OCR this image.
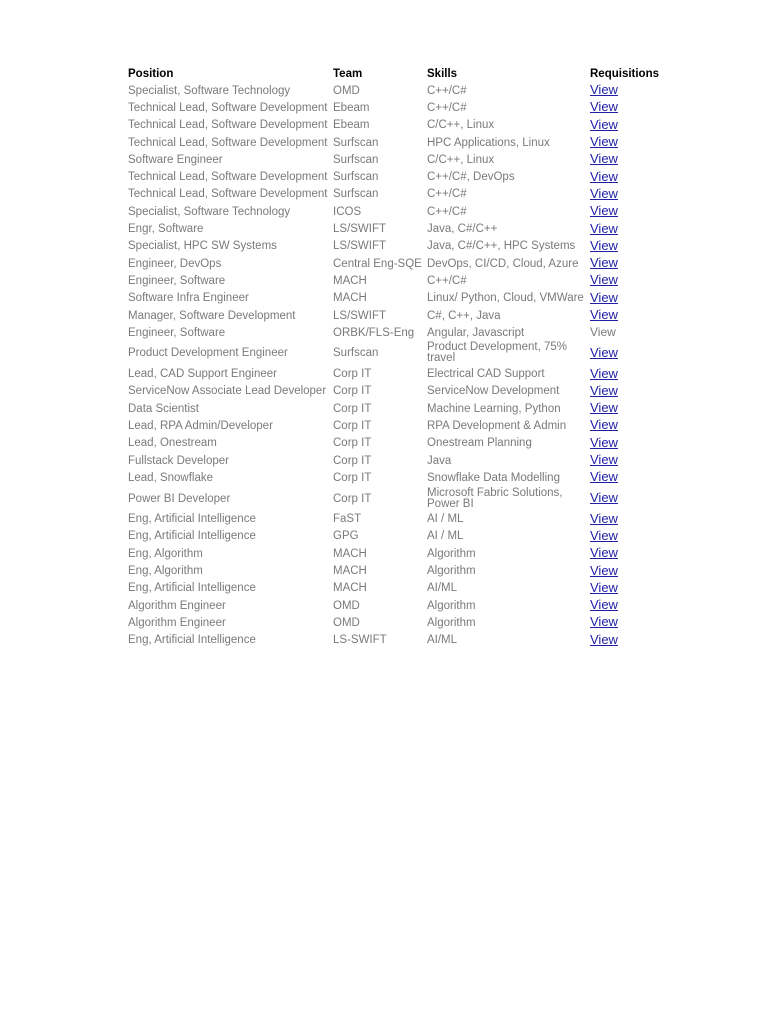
Position	Team	Skills	Requisitions
Specialist, Software Technology	OMD	C++/C#	View
Technical Lead, Software Development	Ebeam	C++/C#	View
Technical Lead, Software Development	Ebeam	C/C++, Linux	View
Technical Lead, Software Development	Surfscan	HPC Applications, Linux	View
Software Engineer	Surfscan	C/C++, Linux	View
Technical Lead, Software Development	Surfscan	C++/C#, DevOps	View
Technical Lead, Software Development	Surfscan	C++/C#	View
Specialist, Software Technology	ICOS	C++/C#	View
Engr, Software	LS/SWIFT	Java, C#/C++	View
Specialist, HPC SW Systems	LS/SWIFT	Java, C#/C++, HPC Systems	View
Engineer, DevOps	Central Eng-SQE	DevOps, CI/CD, Cloud, Azure	View
Engineer, Software	MACH	C++/C#	View
Software Infra Engineer	MACH	Linux/ Python, Cloud, VMWare	View
Manager, Software Development	LS/SWIFT	C#, C++, Java	View
Engineer, Software	ORBK/FLS-Eng	Angular, Javascript	View
Product Development Engineer	Surfscan	Product Development, 75% travel	View
Lead, CAD Support Engineer	Corp IT	Electrical CAD Support	View
ServiceNow Associate Lead Developer	Corp IT	ServiceNow Development	View
Data Scientist	Corp IT	Machine Learning, Python	View
Lead, RPA Admin/Developer	Corp IT	RPA Development & Admin	View
Lead, Onestream	Corp IT	Onestream Planning	View
Fullstack Developer	Corp IT	Java	View
Lead, Snowflake	Corp IT	Snowflake Data Modelling	View
Power BI Developer	Corp IT	Microsoft Fabric Solutions, Power BI	View
Eng, Artificial Intelligence	FaST	AI / ML	View
Eng, Artificial Intelligence	GPG	AI / ML	View
Eng, Algorithm	MACH	Algorithm	View
Eng, Algorithm	MACH	Algorithm	View
Eng, Artificial Intelligence	MACH	AI/ML	View
Algorithm Engineer	OMD	Algorithm	View
Algorithm Engineer	OMD	Algorithm	View
Eng, Artificial Intelligence	LS-SWIFT	AI/ML	View
